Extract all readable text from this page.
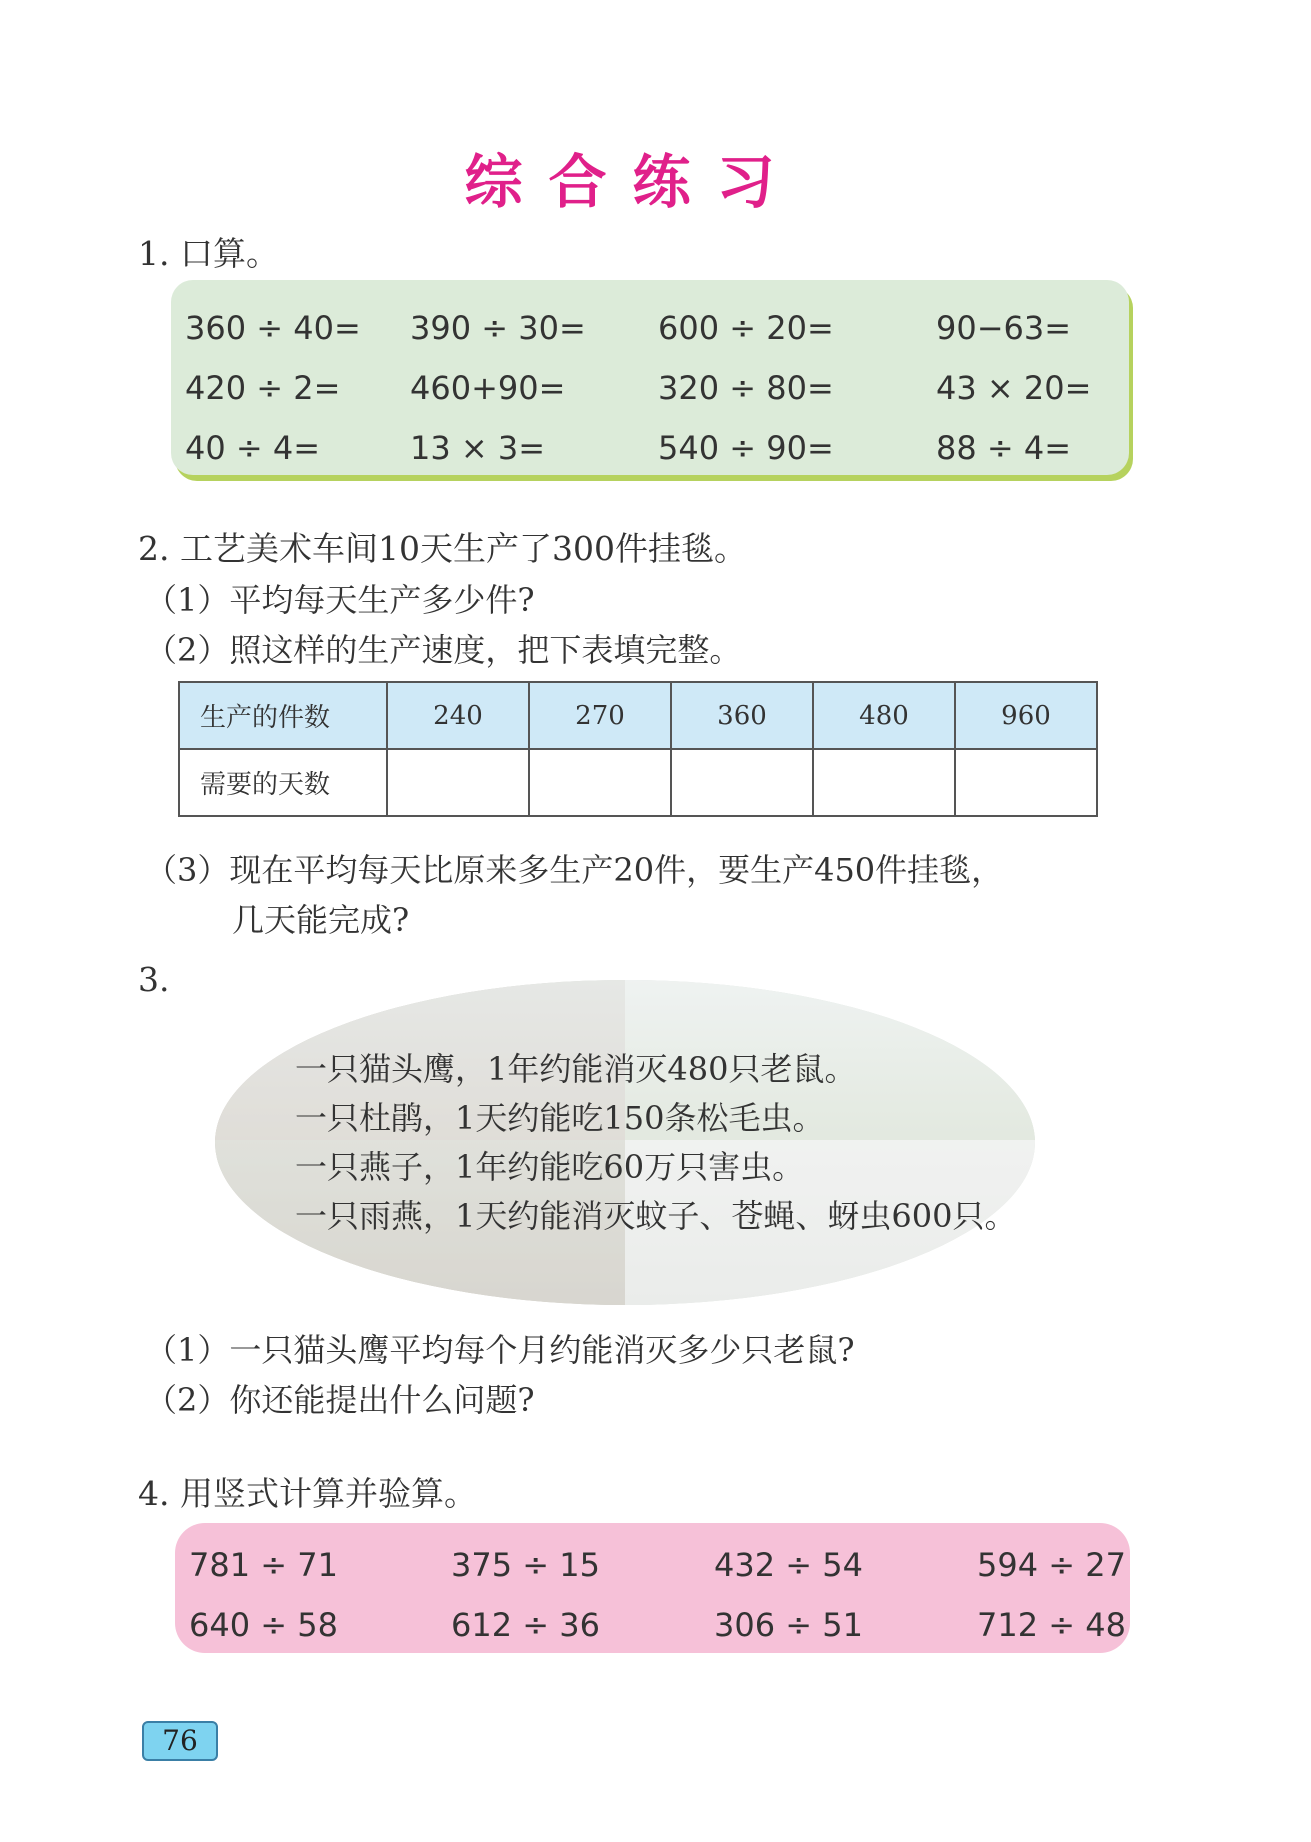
综合练习
1. 口算。
360 ÷ 40=	390 ÷ 30=	600 ÷ 20=	90−63=
420 ÷ 2=	460+90=	320 ÷ 80=	43 × 20=
40 ÷ 4=	13 × 3=	540 ÷ 90=	88 ÷ 4=
2. 工艺美术车间10天生产了300件挂毯。
（1）平均每天生产多少件?
（2）照这样的生产速度，把下表填完整。
生产的件数	240	270	360	480	960
需要的天数					
（3）现在平均每天比原来多生产20件，要生产450件挂毯，
几天能完成?
3.
一只猫头鹰，1年约能消灭480只老鼠。
一只杜鹃，1天约能吃150条松毛虫。
一只燕子，1年约能吃60万只害虫。
一只雨燕，1天约能消灭蚊子、苍蝇、蚜虫600只。
（1）一只猫头鹰平均每个月约能消灭多少只老鼠?
（2）你还能提出什么问题?
4. 用竖式计算并验算。
781 ÷ 71	375 ÷ 15	432 ÷ 54	594 ÷ 27
640 ÷ 58	612 ÷ 36	306 ÷ 51	712 ÷ 48
76
